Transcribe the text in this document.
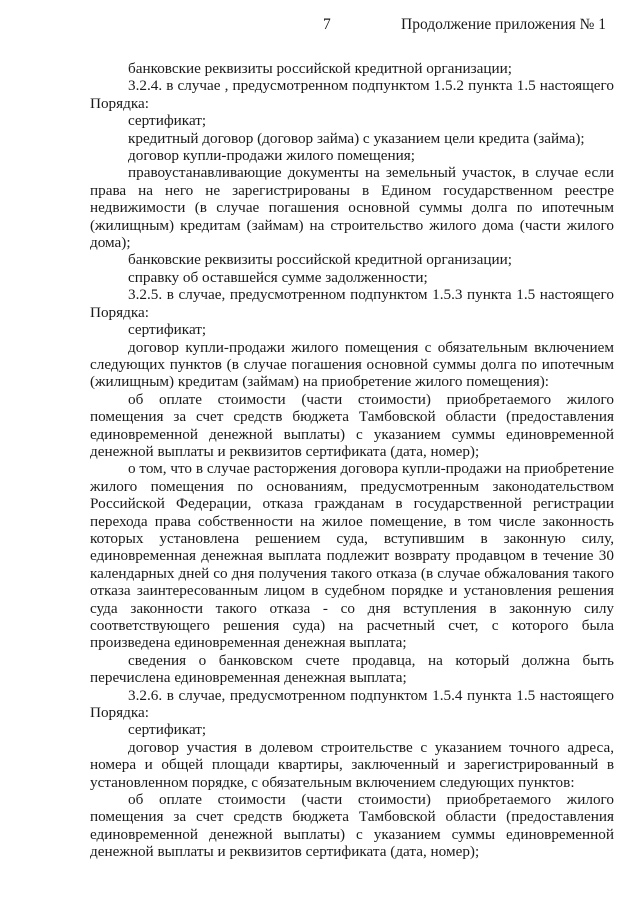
7	Продолжение приложения № 1

банковские реквизиты российской кредитной организации;

3.2.4. в случае , предусмотренном подпунктом 1.5.2 пункта 1.5 настоящего Порядка:

сертификат;

кредитный договор (договор займа) с указанием цели кредита (займа);

договор купли-продажи жилого помещения;

правоустанавливающие документы на земельный участок, в случае если права на него не зарегистрированы в Едином государственном реестре недвижимости (в случае погашения основной суммы долга по ипотечным (жилищным) кредитам (займам) на строительство жилого дома (части жилого дома);

банковские реквизиты российской кредитной организации;

справку об оставшейся сумме задолженности;

3.2.5. в случае, предусмотренном подпунктом 1.5.3 пункта 1.5 настоящего Порядка:

сертификат;

договор купли-продажи жилого помещения с обязательным включением следующих пунктов (в случае погашения основной суммы долга по ипотечным (жилищным) кредитам (займам) на приобретение жилого помещения):

об оплате стоимости (части стоимости) приобретаемого жилого помещения за счет средств бюджета Тамбовской области (предоставления единовременной денежной выплаты) с указанием суммы единовременной денежной выплаты и реквизитов сертификата (дата, номер);

о том, что в случае расторжения договора купли-продажи на приобретение жилого помещения по основаниям, предусмотренным законодательством Российской Федерации, отказа гражданам в государственной регистрации перехода права собственности на жилое помещение, в том числе законность которых установлена решением суда, вступившим в законную силу, единовременная денежная выплата подлежит возврату продавцом в течение 30 календарных дней со дня получения такого отказа (в случае обжалования такого отказа заинтересованным лицом в судебном порядке и установления решения суда законности такого отказа - со дня вступления в законную силу соответствующего решения суда) на расчетный счет, с которого была произведена единовременная денежная выплата;

сведения о банковском счете продавца, на который должна быть перечислена единовременная денежная выплата;

3.2.6. в случае, предусмотренном подпунктом 1.5.4 пункта 1.5 настоящего Порядка:

сертификат;

договор участия в долевом строительстве с указанием точного адреса, номера и общей площади квартиры, заключенный и зарегистрированный в установленном порядке, с обязательным включением следующих пунктов:

об оплате стоимости (части стоимости) приобретаемого жилого помещения за счет средств бюджета Тамбовской области (предоставления единовременной денежной выплаты) с указанием суммы единовременной денежной выплаты и реквизитов сертификата (дата, номер);
